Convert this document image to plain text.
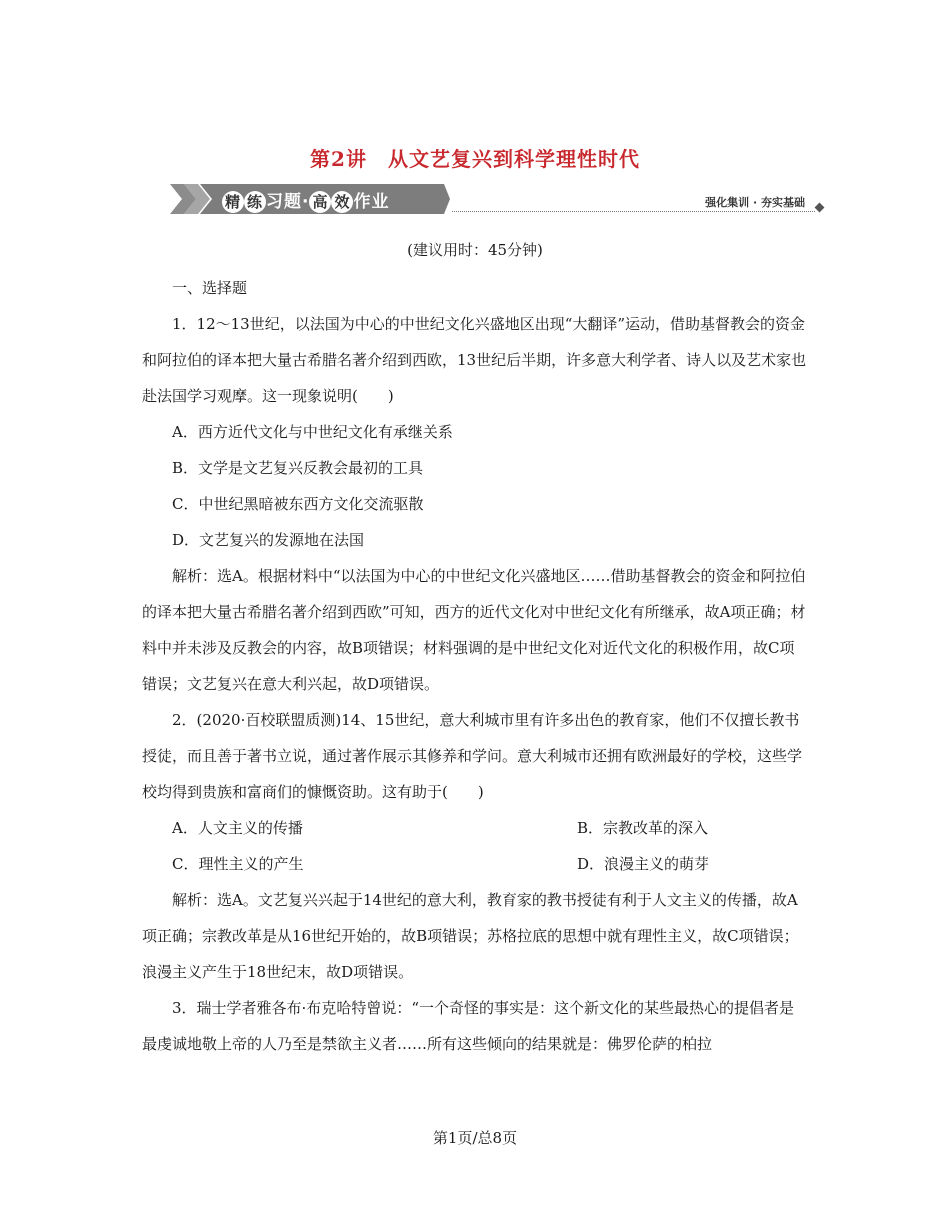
第2讲　从文艺复兴到科学理性时代
精 练 习题· 高 效 作业	强化集训 · 夯实基础
(建议用时：45分钟)

一、选择题

1．12～13世纪，以法国为中心的中世纪文化兴盛地区出现“大翻译”运动，借助基督教会的资金和阿拉伯的译本把大量古希腊名著介绍到西欧，13世纪后半期，许多意大利学者、诗人以及艺术家也赴法国学习观摩。这一现象说明(　　)

A．西方近代文化与中世纪文化有承继关系

B．文学是文艺复兴反教会最初的工具

C．中世纪黑暗被东西方文化交流驱散

D．文艺复兴的发源地在法国

解析：选A。根据材料中“以法国为中心的中世纪文化兴盛地区……借助基督教会的资金和阿拉伯的译本把大量古希腊名著介绍到西欧”可知，西方的近代文化对中世纪文化有所继承，故A项正确；材料中并未涉及反教会的内容，故B项错误；材料强调的是中世纪文化对近代文化的积极作用，故C项错误；文艺复兴在意大利兴起，故D项错误。

2．(2020·百校联盟质测)14、15世纪，意大利城市里有许多出色的教育家，他们不仅擅长教书授徒，而且善于著书立说，通过著作展示其修养和学问。意大利城市还拥有欧洲最好的学校，这些学校均得到贵族和富商们的慷慨资助。这有助于(　　)

A．人文主义的传播	B．宗教改革的深入
C．理性主义的产生	D．浪漫主义的萌芽

解析：选A。文艺复兴兴起于14世纪的意大利，教育家的教书授徒有利于人文主义的传播，故A项正确；宗教改革是从16世纪开始的，故B项错误；苏格拉底的思想中就有理性主义，故C项错误；浪漫主义产生于18世纪末，故D项错误。

3．瑞士学者雅各布·布克哈特曾说：“一个奇怪的事实是：这个新文化的某些最热心的提倡者是最虔诚地敬上帝的人乃至是禁欲主义者……所有这些倾向的结果就是：佛罗伦萨的柏拉

第1页/总8页
